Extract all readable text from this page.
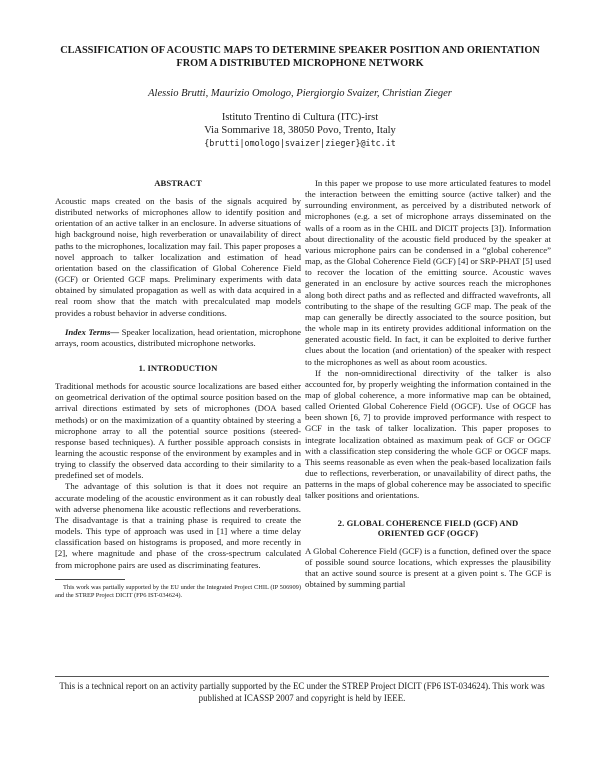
CLASSIFICATION OF ACOUSTIC MAPS TO DETERMINE SPEAKER POSITION AND ORIENTATION FROM A DISTRIBUTED MICROPHONE NETWORK
Alessio Brutti, Maurizio Omologo, Piergiorgio Svaizer, Christian Zieger
Istituto Trentino di Cultura (ITC)-irst
Via Sommarive 18, 38050 Povo, Trento, Italy
{brutti|omologo|svaizer|zieger}@itc.it
ABSTRACT

Acoustic maps created on the basis of the signals acquired by distributed networks of microphones allow to identify position and orientation of an active talker in an enclosure. In adverse situations of high background noise, high reverberation or unavailability of direct paths to the microphones, localization may fail. This paper proposes a novel approach to talker localization and estimation of head orientation based on the classification of Global Coherence Field (GCF) or Oriented GCF maps. Preliminary experiments with data obtained by simulated propagation as well as with data acquired in a real room show that the match with precalculated map models provides a robust behavior in adverse conditions.

Index Terms— Speaker localization, head orientation, microphone arrays, room acoustics, distributed microphone networks.

1. INTRODUCTION

Traditional methods for acoustic source localizations are based either on geometrical derivation of the optimal source position based on the arrival directions estimated by sets of microphones (DOA based methods) or on the maximization of a quantity obtained by steering a microphone array to all the potential source positions (steered-response based techniques). A further possible approach consists in learning the acoustic response of the environment by examples and in trying to classify the observed data according to their similarity to a predefined set of models.

The advantage of this solution is that it does not require an accurate modeling of the acoustic environment as it can robustly deal with adverse phenomena like acoustic reflections and reverberations. The disadvantage is that a training phase is required to create the models. This type of approach was used in [1] where a time delay classification based on histograms is proposed, and more recently in [2], where magnitude and phase of the cross-spectrum calculated from microphone pairs are used as discriminating features.

This work was partially supported by the EU under the Integrated Project CHIL (IP 506909) and the STREP Project DICIT (FP6 IST-034624).

In this paper we propose to use more articulated features to model the interaction between the emitting source (active talker) and the surrounding environment, as perceived by a distributed network of microphones (e.g. a set of microphone arrays disseminated on the walls of a room as in the CHIL and DICIT projects [3]). Information about directionality of the acoustic field produced by the speaker at various microphone pairs can be condensed in a “global coherence” map, as the Global Coherence Field (GCF) [4] or SRP-PHAT [5] used to recover the location of the emitting source. Acoustic waves generated in an enclosure by active sources reach the microphones along both direct paths and as reflected and diffracted wavefronts, all contributing to the shape of the resulting GCF map. The peak of the map can generally be directly associated to the source position, but the whole map in its entirety provides additional information on the generated acoustic field. In fact, it can be exploited to derive further clues about the location (and orientation) of the speaker with respect to the microphones as well as about room acoustics.

If the non-omnidirectional directivity of the talker is also accounted for, by properly weighting the information contained in the map of global coherence, a more informative map can be obtained, called Oriented Global Coherence Field (OGCF). Use of OGCF has been shown [6, 7] to provide improved performance with respect to GCF in the task of talker localization. This paper proposes to integrate localization obtained as maximum peak of GCF or OGCF with a classification step considering the whole GCF or OGCF maps. This seems reasonable as even when the peak-based localization fails due to reflections, reverberation, or unavailability of direct paths, the patterns in the maps of global coherence may be associated to specific talker positions and orientations.

2. GLOBAL COHERENCE FIELD (GCF) AND ORIENTED GCF (OGCF)

A Global Coherence Field (GCF) is a function, defined over the space of possible sound source locations, which expresses the plausibility that an active sound source is present at a given point s. The GCF is obtained by summing partial

This is a technical report on an activity partially supported by the EC under the STREP Project DICIT (FP6 IST-034624). This work was published at ICASSP 2007 and copyright is held by IEEE.
